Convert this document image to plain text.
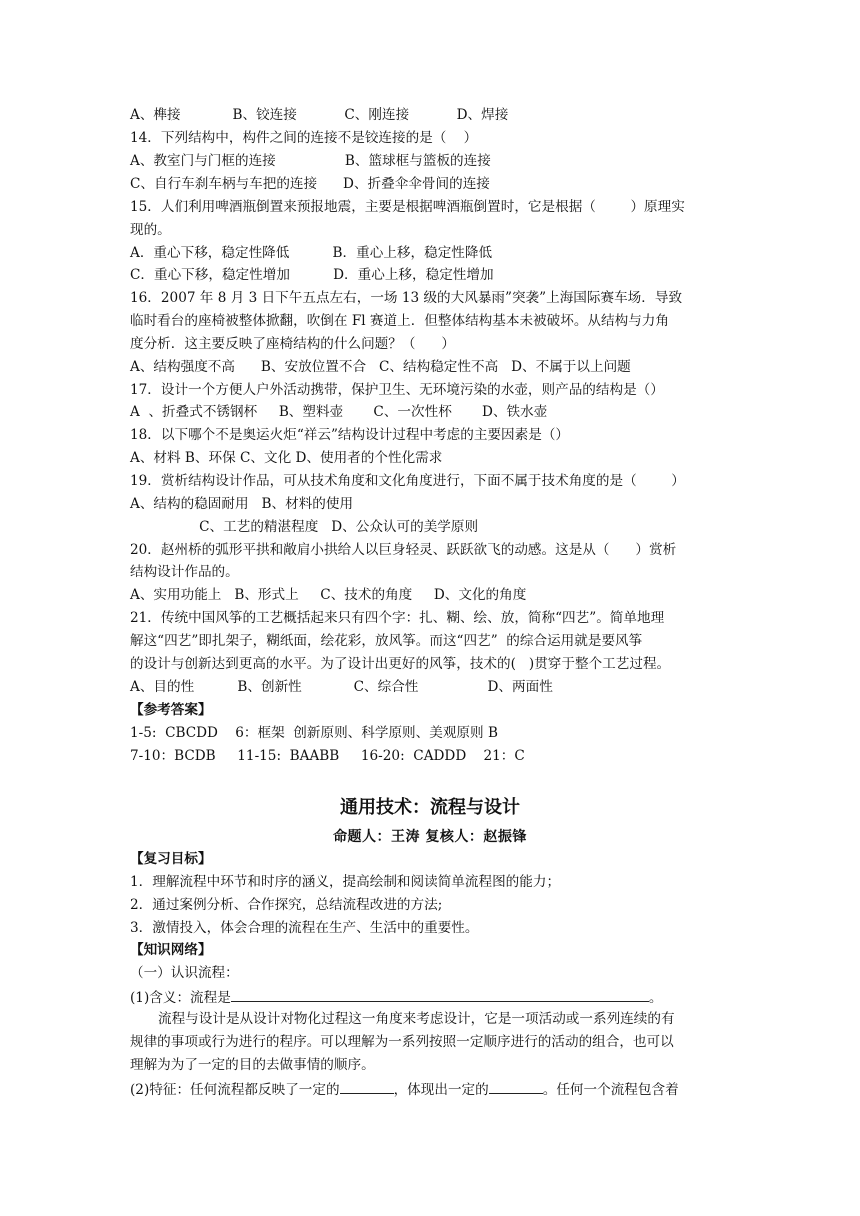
A、榫接            B、铰连接           C、刚连接           D、焊接

14．下列结构中，构件之间的连接不是铰连接的是（    ）

A、教室门与门框的连接                B、篮球框与篮板的连接

C、自行车刹车柄与车把的连接      D、折叠伞伞骨间的连接

15．人们利用啤酒瓶倒置来预报地震，主要是根据啤酒瓶倒置时，它是根据（        ）原理实

现的。

A．重心下移，稳定性降低          B．重心上移，稳定性降低

C．重心下移，稳定性增加          D．重心上移，稳定性增加

16．2007 年 8 月 3 日下午五点左右，一场 13 级的大风暴雨”突袭”上海国际赛车场．导致

临时看台的座椅被整体掀翻，吹倒在 Fl 赛道上．但整体结构基本未被破坏。从结构与力角

度分析．这主要反映了座椅结构的什么问题？（      ）

A、结构强度不高      B、安放位置不合   C、结构稳定性不高   D、不属于以上问题

17．设计一个方便人户外活动携带，保护卫生、无环境污染的水壶，则产品的结构是（）

A  、折叠式不锈钢杯     B、塑料壶       C、一次性杯       D、铁水壶

18．以下哪个不是奥运火炬“祥云”结构设计过程中考虑的主要因素是（）

A、材料 B、环保 C、文化 D、使用者的个性化需求

19．赏析结构设计作品，可从技术角度和文化角度进行，下面不属于技术角度的是（        ）

A、结构的稳固耐用   B、材料的使用

C、工艺的精湛程度   D、公众认可的美学原则

20．赵州桥的弧形平拱和敞肩小拱给人以巨身轻灵、跃跃欲飞的动感。这是从（      ）赏析

结构设计作品的。

A、实用功能上   B、形式上     C、技术的角度     D、文化的角度

21．传统中国风筝的工艺概括起来只有四个字：扎、糊、绘、放，简称“四艺”。简单地理

解这“四艺”即扎架子，糊纸面，绘花彩，放风筝。而这“四艺”  的综合运用就是要风筝

的设计与创新达到更高的水平。为了设计出更好的风筝，技术的(   )贯穿于整个工艺过程。

A、目的性          B、创新性            C、综合性                D、两面性

【参考答案】

1-5:  CBCDD    6：框架  创新原则、科学原则、美观原则 B

7-10：BCDB     11-15:  BAABB     16-20:  CADDD    21：C

通用技术：流程与设计
命题人：王涛 复核人：赵振锋

【复习目标】

1．理解流程中环节和时序的涵义，提高绘制和阅读简单流程图的能力；

2．通过案例分析、合作探究，总结流程改进的方法;

3．激情投入，体会合理的流程在生产、生活中的重要性。

【知识网络】

（一）认识流程：

(1)含义：流程是	。

流程与设计是从设计对物化过程这一角度来考虑设计，它是一项活动或一系列连续的有

规律的事项或行为进行的程序。可以理解为一系列按照一定顺序进行的活动的组合，也可以

理解为为了一定的目的去做事情的顺序。

(2)特征：任何流程都反映了一定的	，体现出一定的	。任何一个流程包含着
